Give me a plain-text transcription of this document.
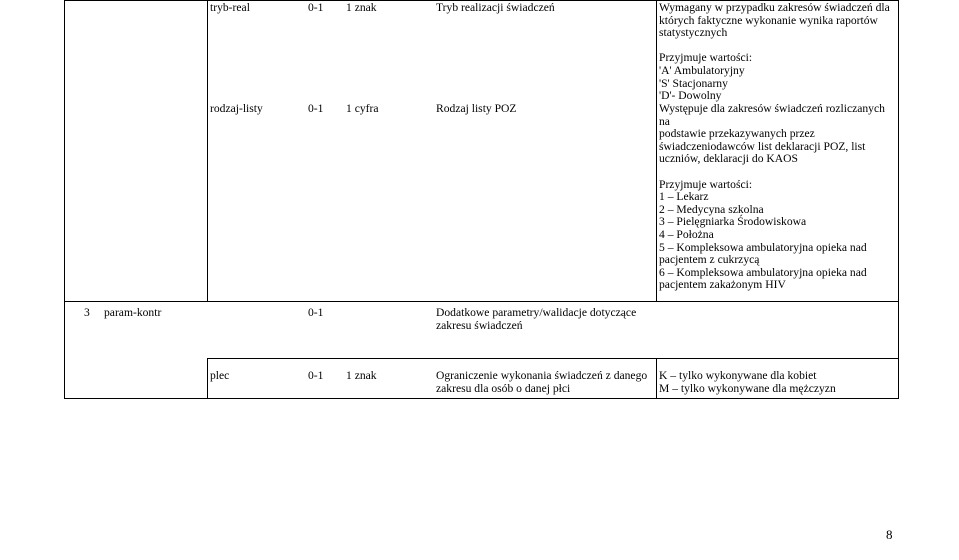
tryb-real	0-1 1 znak	Tryb realizacji świadczeń	Wymagany w przypadku zakresów świadczeń dla
których faktyczne wykonanie wynika raportów
statystycznych
Przyjmuje wartości:
'A' Ambulatoryjny
'S' Stacjonarny
'D'- Dowolny
rodzaj-listy	0-1 1 cyfra	Rodzaj listy POZ	Występuje dla zakresów świadczeń rozliczanych na
podstawie przekazywanych przez
świadczeniodawców list deklaracji POZ, list
uczniów, deklaracji do KAOS
Przyjmuje wartości:
1 – Lekarz
2 – Medycyna szkolna
3 – Pielęgniarka Środowiskowa
4 – Położna
5 – Kompleksowa ambulatoryjna opieka nad
pacjentem z cukrzycą
6 – Kompleksowa ambulatoryjna opieka nad
pacjentem zakażonym HIV
3 param-kontr	0-1	Dodatkowe parametry/walidacje dotyczące
zakresu świadczeń
plec	0-1 1 znak	Ograniczenie wykonania świadczeń z danego
zakresu dla osób o danej płci
K – tylko wykonywane dla kobiet
M – tylko wykonywane dla mężczyzn
8
